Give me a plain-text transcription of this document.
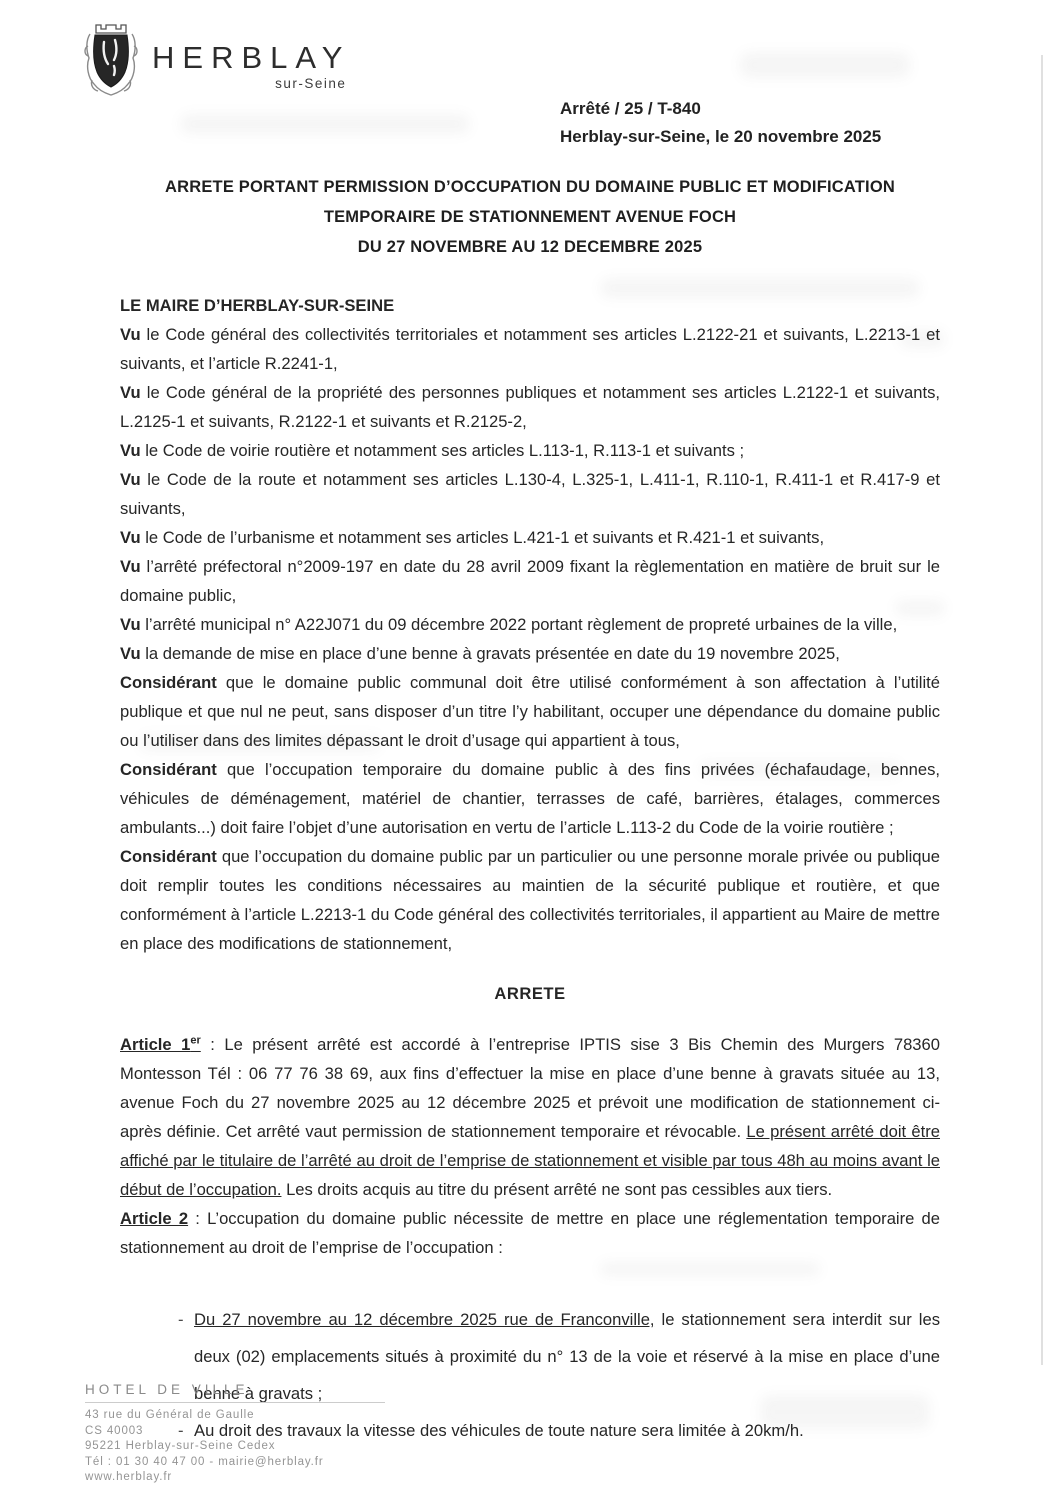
HERBLAY
sur-Seine
Arrêté / 25 / T-840
Herblay-sur-Seine, le 20 novembre 2025
ARRETE PORTANT PERMISSION D’OCCUPATION DU DOMAINE PUBLIC ET MODIFICATION
TEMPORAIRE DE STATIONNEMENT AVENUE FOCH
DU 27 NOVEMBRE AU 12 DECEMBRE 2025

LE MAIRE D’HERBLAY-SUR-SEINE

Vu le Code général des collectivités territoriales et notamment ses articles L.2122-21 et suivants, L.2213-1 et suivants, et l’article R.2241-1,

Vu le Code général de la propriété des personnes publiques et notamment ses articles L.2122-1 et suivants, L.2125-1 et suivants, R.2122-1 et suivants et R.2125-2,

Vu le Code de voirie routière et notamment ses articles L.113-1, R.113-1 et suivants ;

Vu le Code de la route et notamment ses articles L.130-4, L.325-1, L.411-1, R.110-1, R.411-1 et R.417-9 et suivants,

Vu le Code de l’urbanisme et notamment ses articles L.421-1 et suivants et R.421-1 et suivants,

Vu l’arrêté préfectoral n°2009-197 en date du 28 avril 2009 fixant la règlementation en matière de bruit sur le domaine public,

Vu l’arrêté municipal n° A22J071 du 09 décembre 2022 portant règlement de propreté urbaines de la ville,

Vu la demande de mise en place d’une benne à gravats présentée en date du 19 novembre 2025,

Considérant que le domaine public communal doit être utilisé conformément à son affectation à l’utilité publique et que nul ne peut, sans disposer d’un titre l’y habilitant, occuper une dépendance du domaine public ou l’utiliser dans des limites dépassant le droit d’usage qui appartient à tous,

Considérant que l’occupation temporaire du domaine public à des fins privées (échafaudage, bennes, véhicules de déménagement, matériel de chantier, terrasses de café, barrières, étalages, commerces ambulants...) doit faire l’objet d’une autorisation en vertu de l’article L.113-2 du Code de la voirie routière ;

Considérant que l’occupation du domaine public par un particulier ou une personne morale privée ou publique doit remplir toutes les conditions nécessaires au maintien de la sécurité publique et routière, et que conformément à l’article L.2213-1 du Code général des collectivités territoriales, il appartient au Maire de mettre en place des modifications de stationnement,

ARRETE

Article 1er : Le présent arrêté est accordé à l’entreprise IPTIS sise 3 Bis Chemin des Murgers 78360 Montesson Tél : 06 77 76 38 69, aux fins d’effectuer la mise en place d’une benne à gravats située au 13, avenue Foch du 27 novembre 2025 au 12 décembre 2025 et prévoit une modification de stationnement ci-après définie. Cet arrêté vaut permission de stationnement temporaire et révocable. Le présent arrêté doit être affiché par le titulaire de l’arrêté au droit de l’emprise de stationnement et visible par tous 48h au moins avant le début de l’occupation. Les droits acquis au titre du présent arrêté ne sont pas cessibles aux tiers.

Article 2 : L’occupation du domaine public nécessite de mettre en place une réglementation temporaire de stationnement au droit de l’emprise de l’occupation :

- Du 27 novembre au 12 décembre 2025 rue de Franconville, le stationnement sera interdit sur les deux (02) emplacements situés à proximité du n° 13 de la voie et réservé à la mise en place d’une benne à gravats ;
- Au droit des travaux la vitesse des véhicules de toute nature sera limitée à 20km/h.
HOTEL DE VILLE
43 rue du Général de Gaulle
CS 40003
95221 Herblay-sur-Seine Cedex
Tél : 01 30 40 47 00 - mairie@herblay.fr
www.herblay.fr
